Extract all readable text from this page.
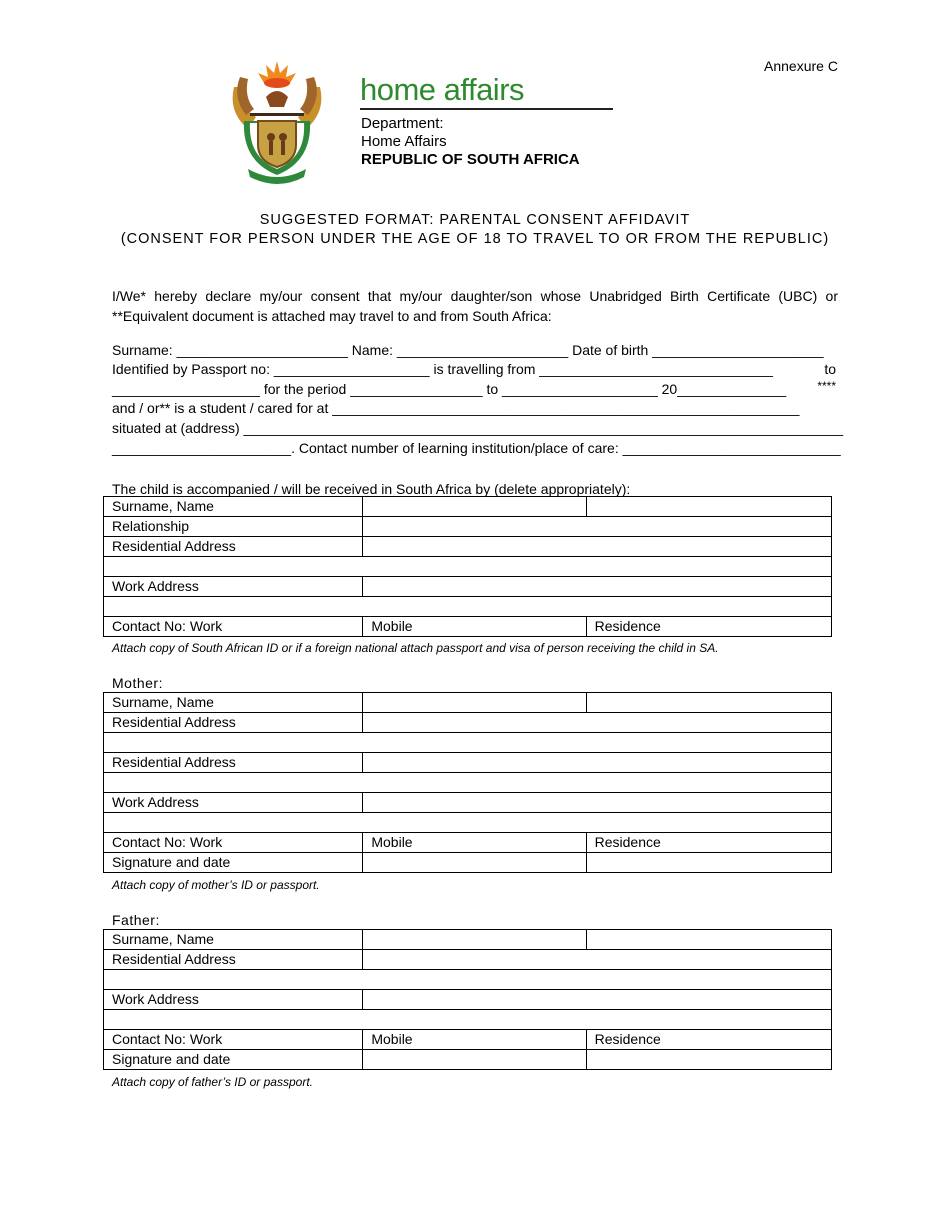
Annexure C
home affairs
Department:
Home Affairs
REPUBLIC OF SOUTH AFRICA
SUGGESTED FORMAT: PARENTAL CONSENT AFFIDAVIT
(CONSENT FOR PERSON UNDER THE AGE OF 18 TO TRAVEL TO OR FROM THE REPUBLIC)
I/We* hereby declare my/our consent that my/our daughter/son whose Unabridged Birth Certificate (UBC) or
**Equivalent document is attached may travel to and from South Africa:
Surname: ______________________ Name: ______________________ Date of birth ______________________
Identified by Passport no: ____________________ is travelling from ______________________________	to
___________________ for the period _________________ to ____________________ 20______________	****
and / or** is a student / cared for at ____________________________________________________________
situated at (address) _____________________________________________________________________________
_______________________. Contact number of learning institution/place of care: ____________________________
The child is accompanied / will be received in South Africa by (delete appropriately):
Surname, Name		
Relationship		
Residential Address		

Work Address		

Contact No: Work	Mobile	Residence
Attach copy of South African ID or if a foreign national attach passport and visa of person receiving the child in SA.
Mother:
Surname, Name		
Residential Address		

Residential Address		

Work Address		

Contact No: Work	Mobile	Residence
Signature and date		
Attach copy of mother’s ID or passport.
Father:
Surname, Name		
Residential Address		

Work Address		

Contact No: Work	Mobile	Residence
Signature and date		
Attach copy of father’s ID or passport.
